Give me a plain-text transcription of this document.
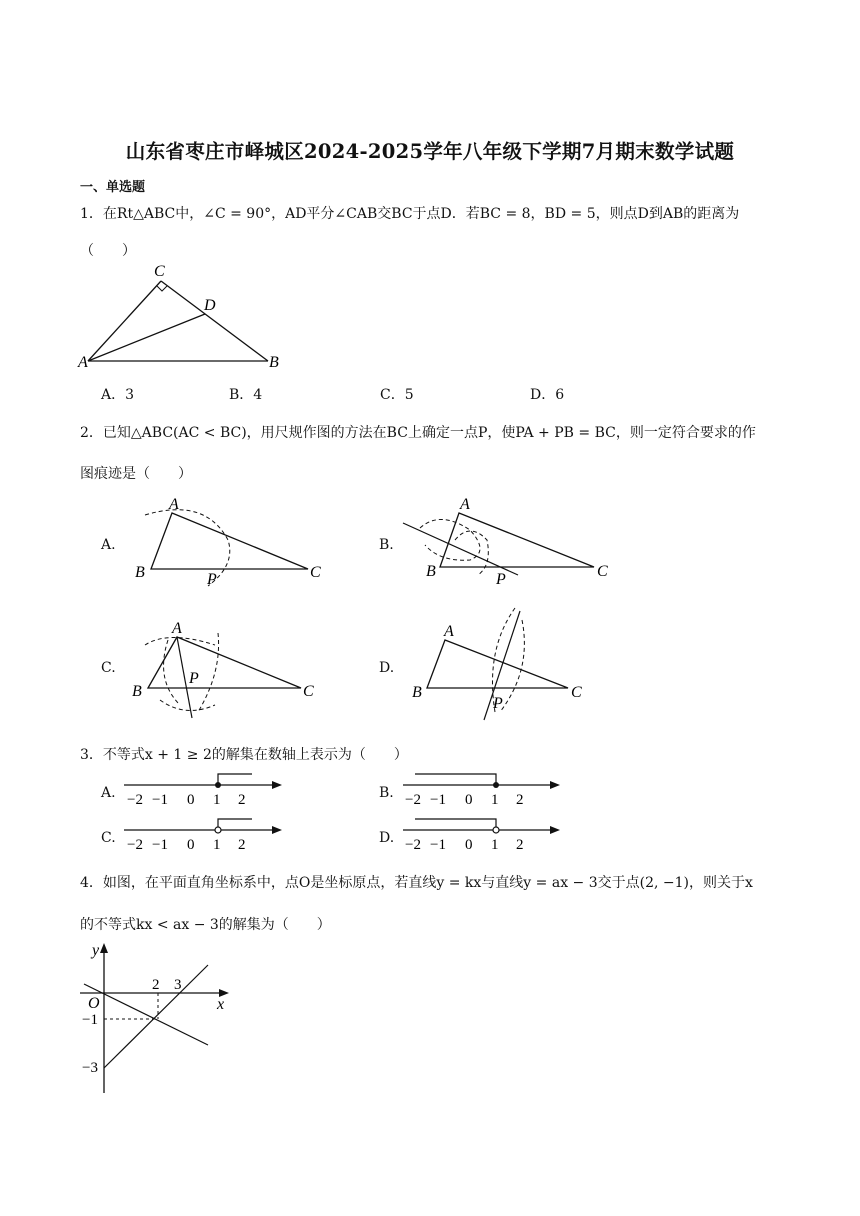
山东省枣庄市峄城区2024-2025学年八年级下学期7月期末数学试题
一、单选题
1．在Rt△ABC中，∠C = 90°，AD平分∠CAB交BC于点D．若BC = 8，BD = 5，则点D到AB的距离为
（　　）
C
D
A	B
A．3	B．4	C．5	D．6
2．已知△ABC(AC < BC)，用尺规作图的方法在BC上确定一点P，使PA + PB = BC，则一定符合要求的作
图痕迹是（　　）
A.	B.
C.	D.
A
B	C
P
A
B	C
P
A
B	C
P
A
B	C
P
3．不等式x + 1 ≥ 2的解集在数轴上表示为（　　）
A.	B.
C.	D.
−2 −1 0 1 2	−2 −1 0 1 2
−2 −1 0 1 2	−2 −1 0 1 2
4．如图，在平面直角坐标系中，点O是坐标原点，若直线y = kx与直线y = ax − 3交于点(2, −1)，则关于x
的不等式kx < ax − 3的解集为（　　）
y
x
O
2 3
−1
−3
